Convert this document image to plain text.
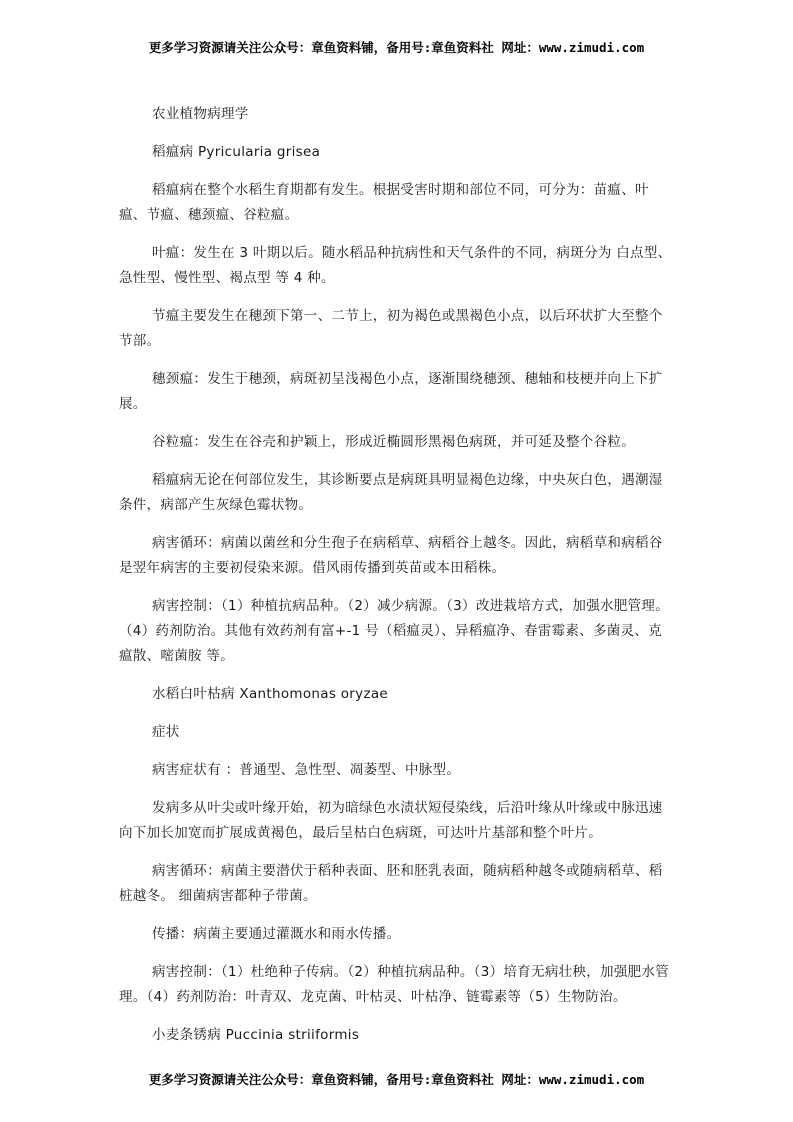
更多学习资源请关注公众号：章鱼资料铺，备用号:章鱼资料社 网址：www.zimudi.com

农业植物病理学

稻瘟病 Pyricularia grisea

稻瘟病在整个水稻生育期都有发生。根据受害时期和部位不同，可分为：苗瘟、叶瘟、节瘟、穗颈瘟、谷粒瘟。

叶瘟：发生在 3 叶期以后。随水稻品种抗病性和天气条件的不同，病斑分为 白点型、急性型、慢性型、褐点型 等 4 种。

节瘟主要发生在穗颈下第一、二节上，初为褐色或黑褐色小点，以后环状扩大至整个节部。

穗颈瘟：发生于穗颈，病斑初呈浅褐色小点，逐渐围绕穗颈、穗轴和枝梗并向上下扩展。

谷粒瘟：发生在谷壳和护颖上，形成近椭圆形黑褐色病斑，并可延及整个谷粒。

稻瘟病无论在何部位发生，其诊断要点是病斑具明显褐色边缘，中央灰白色，遇潮湿条件，病部产生灰绿色霉状物。

病害循环：病菌以菌丝和分生孢子在病稻草、病稻谷上越冬。因此，病稻草和病稻谷是翌年病害的主要初侵染来源。借风雨传播到英苗或本田稻株。

病害控制：（1）种植抗病品种。（2）减少病源。（3）改进栽培方式，加强水肥管理。（4）药剂防治。其他有效药剂有富+-1 号（稻瘟灵）、异稻瘟净、春雷霉素、多菌灵、克瘟散、嘧菌胺 等。

水稻白叶枯病 Xanthomonas oryzae

症状

病害症状有 ：普通型、急性型、凋萎型、中脉型。

发病多从叶尖或叶缘开始，初为暗绿色水渍状短侵染线，后沿叶缘从叶缘或中脉迅速向下加长加宽而扩展成黄褐色，最后呈枯白色病斑，可达叶片基部和整个叶片。

病害循环：病菌主要潜伏于稻种表面、胚和胚乳表面，随病稻种越冬或随病稻草、稻桩越冬。 细菌病害都种子带菌。

传播：病菌主要通过灌溉水和雨水传播。

病害控制：（1）杜绝种子传病。（2）种植抗病品种。（3）培育无病壮秧，加强肥水管理。（4）药剂防治：叶青双、龙克菌、叶枯灵、叶枯净、链霉素等（5）生物防治。

小麦条锈病 Puccinia striiformis

更多学习资源请关注公众号：章鱼资料铺，备用号:章鱼资料社 网址：www.zimudi.com
